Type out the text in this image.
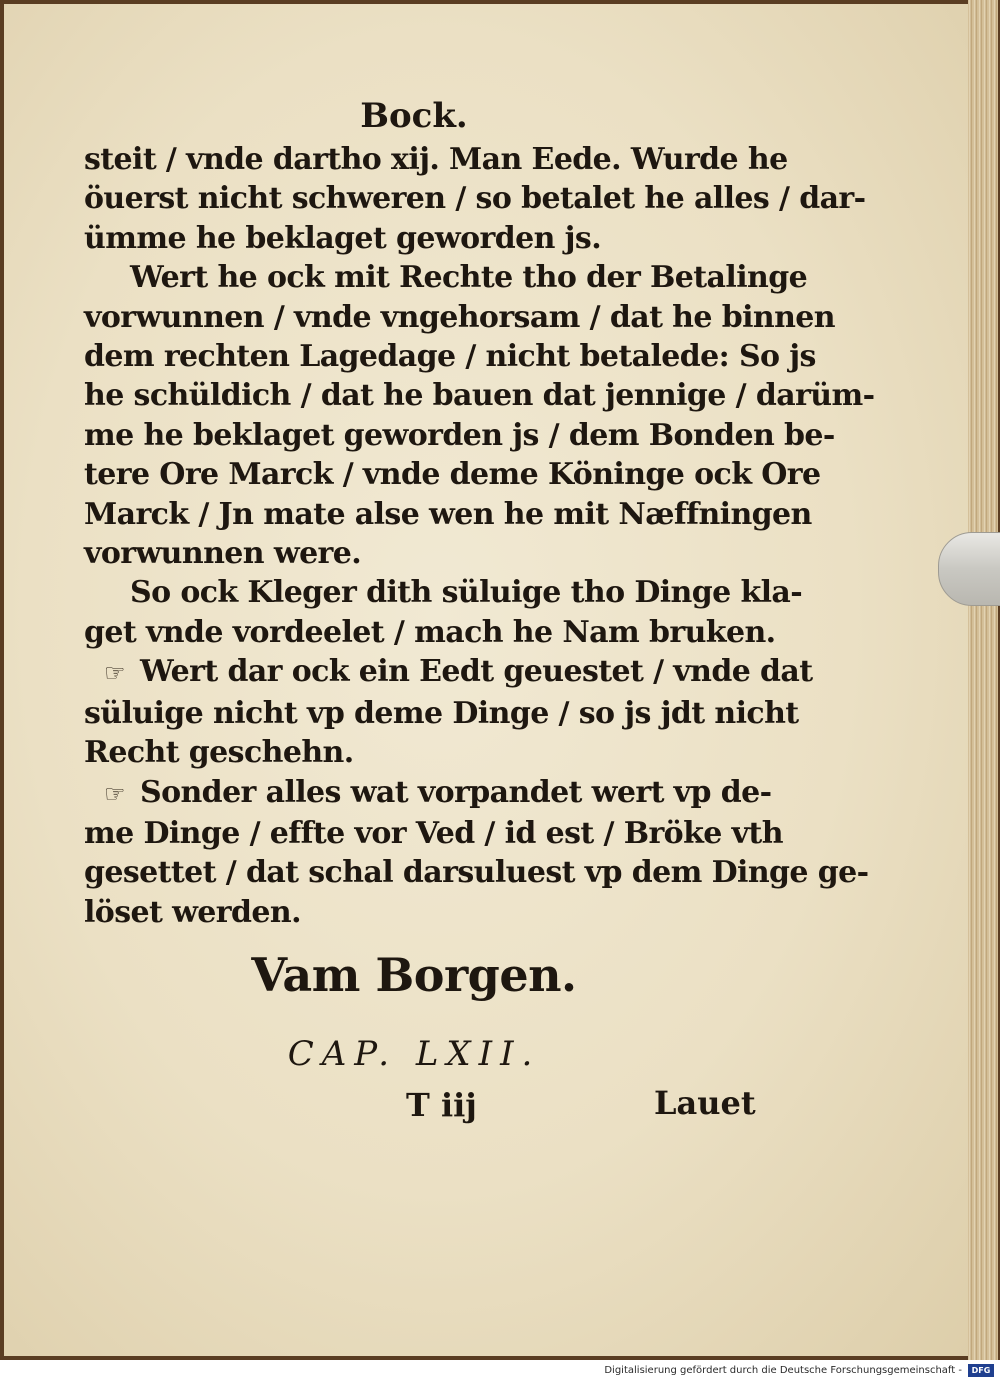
Bock.
steit / vnde dartho xij. Man Eede. Wurde he
öuerst nicht schweren / so betalet he alles / dar-
ümme he beklaget geworden js.
Wert he ock mit Rechte tho der Betalinge
vorwunnen / vnde vngehorsam / dat he binnen
dem rechten Lagedage / nicht betalede: So js
he schüldich / dat he bauen dat jennige / darüm-
me he beklaget geworden js / dem Bonden be-
tere Ore Marck / vnde deme Köninge ock Ore
Marck / Jn mate alse wen he mit Næffningen
vorwunnen were.
So ock Kleger dith süluige tho Dinge kla-
get vnde vordeelet / mach he Nam bruken.
☞ Wert dar ock ein Eedt geuestet / vnde dat
süluige nicht vp deme Dinge / so js jdt nicht
Recht geschehn.
☞ Sonder alles wat vorpandet wert vp de-
me Dinge / effte vor Ved / id est / Bröke vth
gesettet / dat schal darsuluest vp dem Dinge ge-
löset werden.
Vam Borgen.
CAP. LXII.
T iij	Lauet
Digitalisierung gefördert durch die Deutsche Forschungsgemeinschaft -	DFG
